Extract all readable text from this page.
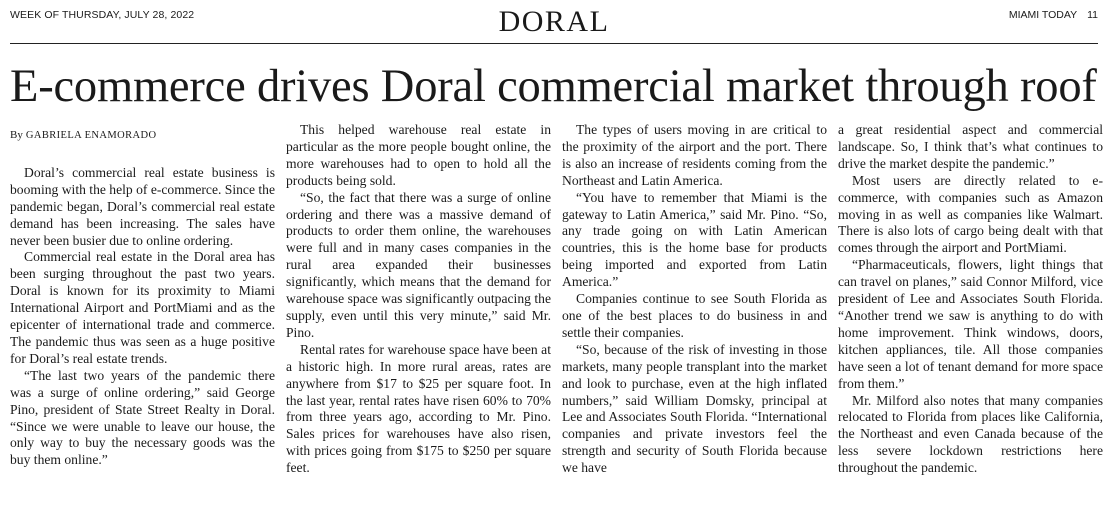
WEEK OF THURSDAY, JULY 28, 2022	DORAL	MIAMI TODAY 11
E-commerce drives Doral commercial market through roof
By GABRIELA ENAMORADO

Doral’s commercial real estate business is booming with the help of e-commerce. Since the pandemic began, Doral’s commercial real estate demand has been increasing. The sales have never been busier due to online ordering.

Commercial real estate in the Doral area has been surging throughout the past two years. Doral is known for its proximity to Miami International Airport and PortMiami and as the epicenter of international trade and commerce. The pandemic thus was seen as a huge positive for Doral’s real estate trends.

“The last two years of the pandemic there was a surge of online ordering,” said George Pino, president of State Street Realty in Doral. “Since we were unable to leave our house, the only way to buy the necessary goods was the buy them online.”

This helped warehouse real estate in particular as the more people bought online, the more warehouses had to open to hold all the products being sold.

“So, the fact that there was a surge of online ordering and there was a massive demand of products to order them online, the warehouses were full and in many cases companies in the rural area expanded their businesses significantly, which means that the demand for warehouse space was significantly outpacing the supply, even until this very minute,” said Mr. Pino.

Rental rates for warehouse space have been at a historic high. In more rural areas, rates are anywhere from $17 to $25 per square foot. In the last year, rental rates have risen 60% to 70% from three years ago, according to Mr. Pino. Sales prices for warehouses have also risen, with prices going from $175 to $250 per square feet.

The types of users moving in are critical to the proximity of the airport and the port. There is also an increase of residents coming from the Northeast and Latin America.

“You have to remember that Miami is the gateway to Latin America,” said Mr. Pino. “So, any trade going on with Latin American countries, this is the home base for products being imported and exported from Latin America.”

Companies continue to see South Florida as one of the best places to do business in and settle their companies.

“So, because of the risk of investing in those markets, many people transplant into the market and look to purchase, even at the high inflated numbers,” said William Domsky, principal at Lee and Associates South Florida. “International companies and private investors feel the strength and security of South Florida because we have

a great residential aspect and commercial landscape. So, I think that’s what continues to drive the market despite the pandemic.”

Most users are directly related to e-commerce, with companies such as Amazon moving in as well as companies like Walmart. There is also lots of cargo being dealt with that comes through the airport and PortMiami.

“Pharmaceuticals, flowers, light things that can travel on planes,” said Connor Milford, vice president of Lee and Associates South Florida. “Another trend we saw is anything to do with home improvement. Think windows, doors, kitchen appliances, tile. All those companies have seen a lot of tenant demand for more space from them.”

Mr. Milford also notes that many companies relocated to Florida from places like California, the Northeast and even Canada because of the less severe lockdown restrictions here throughout the pandemic.
